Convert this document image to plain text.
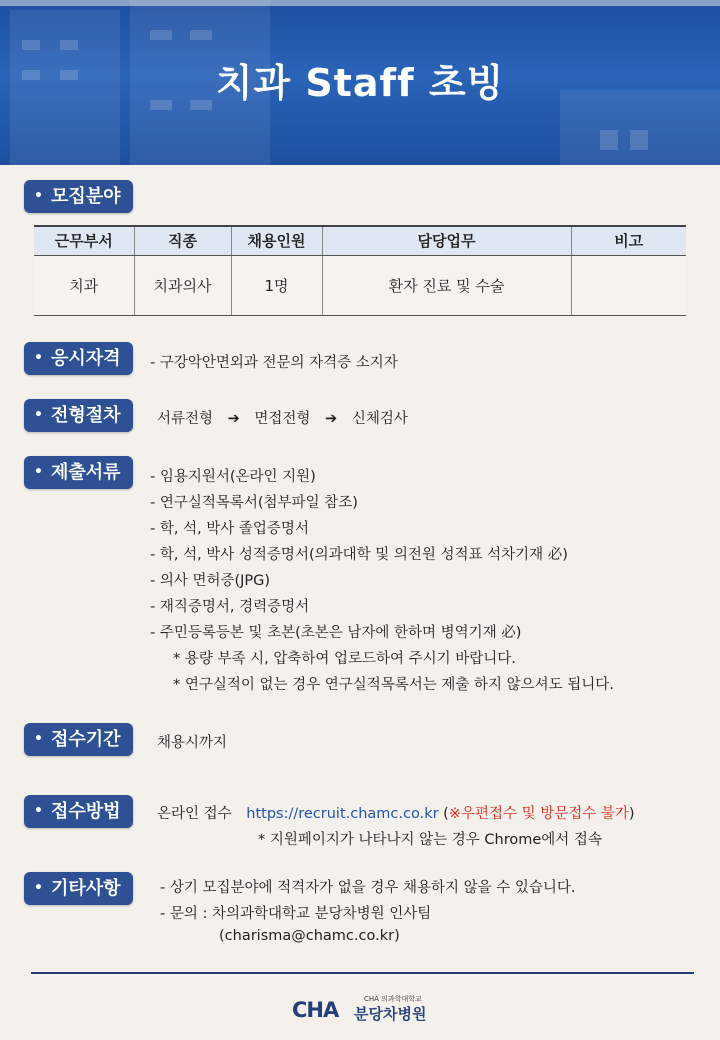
치과 Staff 초빙
• 모집분야
근무부서	직종	채용인원	담당업무	비고
치과	치과의사	1명	환자 진료 및 수술	
• 응시자격	- 구강악안면외과 전문의 자격증 소지자
• 전형절차	서류전형 ➔ 면접전형 ➔ 신체검사
• 제출서류	- 임용지원서(온라인 지원)
- 연구실적목록서(첨부파일 참조)
- 학, 석, 박사 졸업증명서
- 학, 석, 박사 성적증명서(의과대학 및 의전원 성적표 석차기재 必)
- 의사 면허증(JPG)
- 재직증명서, 경력증명서
- 주민등록등본 및 초본(초본은 남자에 한하며 병역기재 必)
* 용량 부족 시, 압축하여 업로드하여 주시기 바랍니다.
* 연구실적이 없는 경우 연구실적목록서는 제출 하지 않으셔도 됩니다.
• 접수기간	채용시까지
• 접수방법	온라인 접수 https://recruit.chamc.co.kr (※우편접수 및 방문접수 불가)
* 지원페이지가 나타나지 않는 경우 Chrome에서 접속
• 기타사항	- 상기 모집분야에 적격자가 없을 경우 채용하지 않을 수 있습니다.
- 문의 : 차의과학대학교 분당차병원 인사팀
(charisma@chamc.co.kr)
CHA	CHA 의과학대학교
분당차병원
